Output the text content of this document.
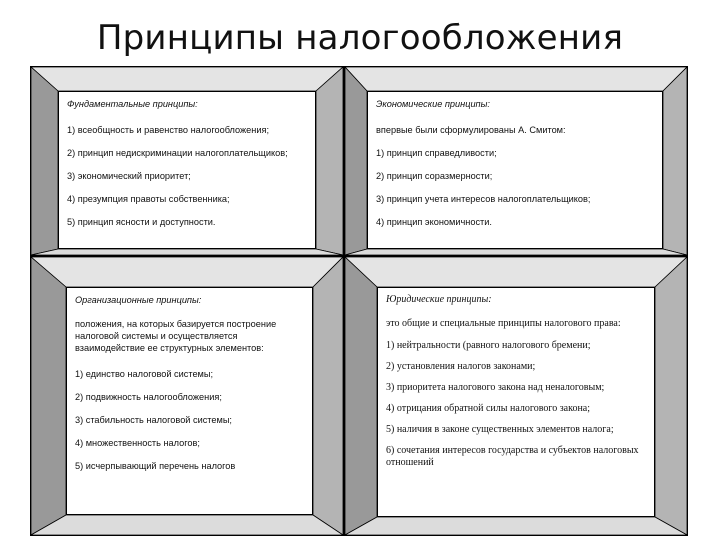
Принципы налогообложения
Фундаментальные принципы:
1) всеобщность и равенство налогообложения;
2) принцип недискриминации налогоплательщиков;
3) экономический приоритет;
4) презумпция правоты собственника;
5) принцип ясности и доступности.
Экономические принципы:
впервые были сформулированы А. Смитом:
1) принцип справедливости;
2) принцип соразмерности;
3) принцип учета интересов налогоплательщиков;
4) принцип экономичности.
Организационные принципы:
положения, на которых базируется построение налоговой системы и осуществляется взаимодействие ее структурных элементов:
1) единство налоговой системы;
2) подвижность налогообложения;
3) стабильность налоговой системы;
4) множественность налогов;
5) исчерпывающий перечень налогов
Юридические принципы:
это общие и специальные принципы налогового права:
1) нейтральности (равного налогового бремени;
2) установления налогов законами;
3) приоритета налогового закона над неналоговым;
4) отрицания обратной силы налогового закона;
5) наличия в законе существенных элементов налога;
6) сочетания интересов государства и субъектов налоговых отношений
